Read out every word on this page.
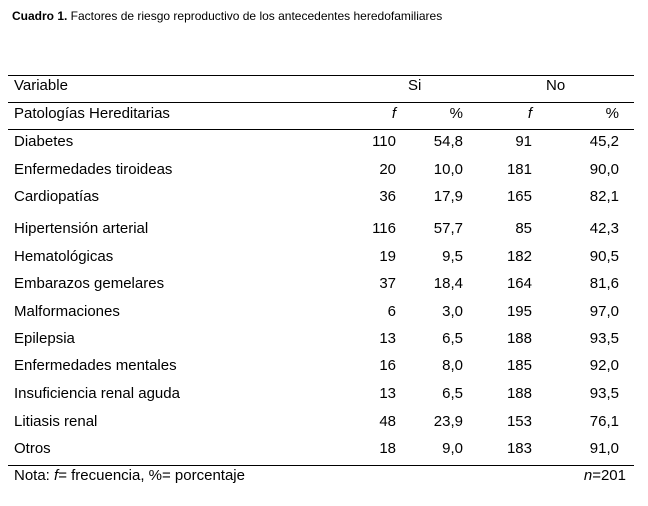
Cuadro 1. Factores de riesgo reproductivo de los antecedentes heredofamiliares
Variable	Si	No
Patologías Hereditarias	f	%	f	%
Diabetes	110	54,8	91	45,2
Enfermedades tiroideas	20	10,0	181	90,0
Cardiopatías	36	17,9	165	82,1
Hipertensión arterial	116	57,7	85	42,3
Hematológicas	19	9,5	182	90,5
Embarazos gemelares	37	18,4	164	81,6
Malformaciones	6	3,0	195	97,0
Epilepsia	13	6,5	188	93,5
Enfermedades mentales	16	8,0	185	92,0
Insuficiencia renal aguda	13	6,5	188	93,5
Litiasis renal	48	23,9	153	76,1
Otros	18	9,0	183	91,0
Nota: f= frecuencia, %= porcentaje	n=201
